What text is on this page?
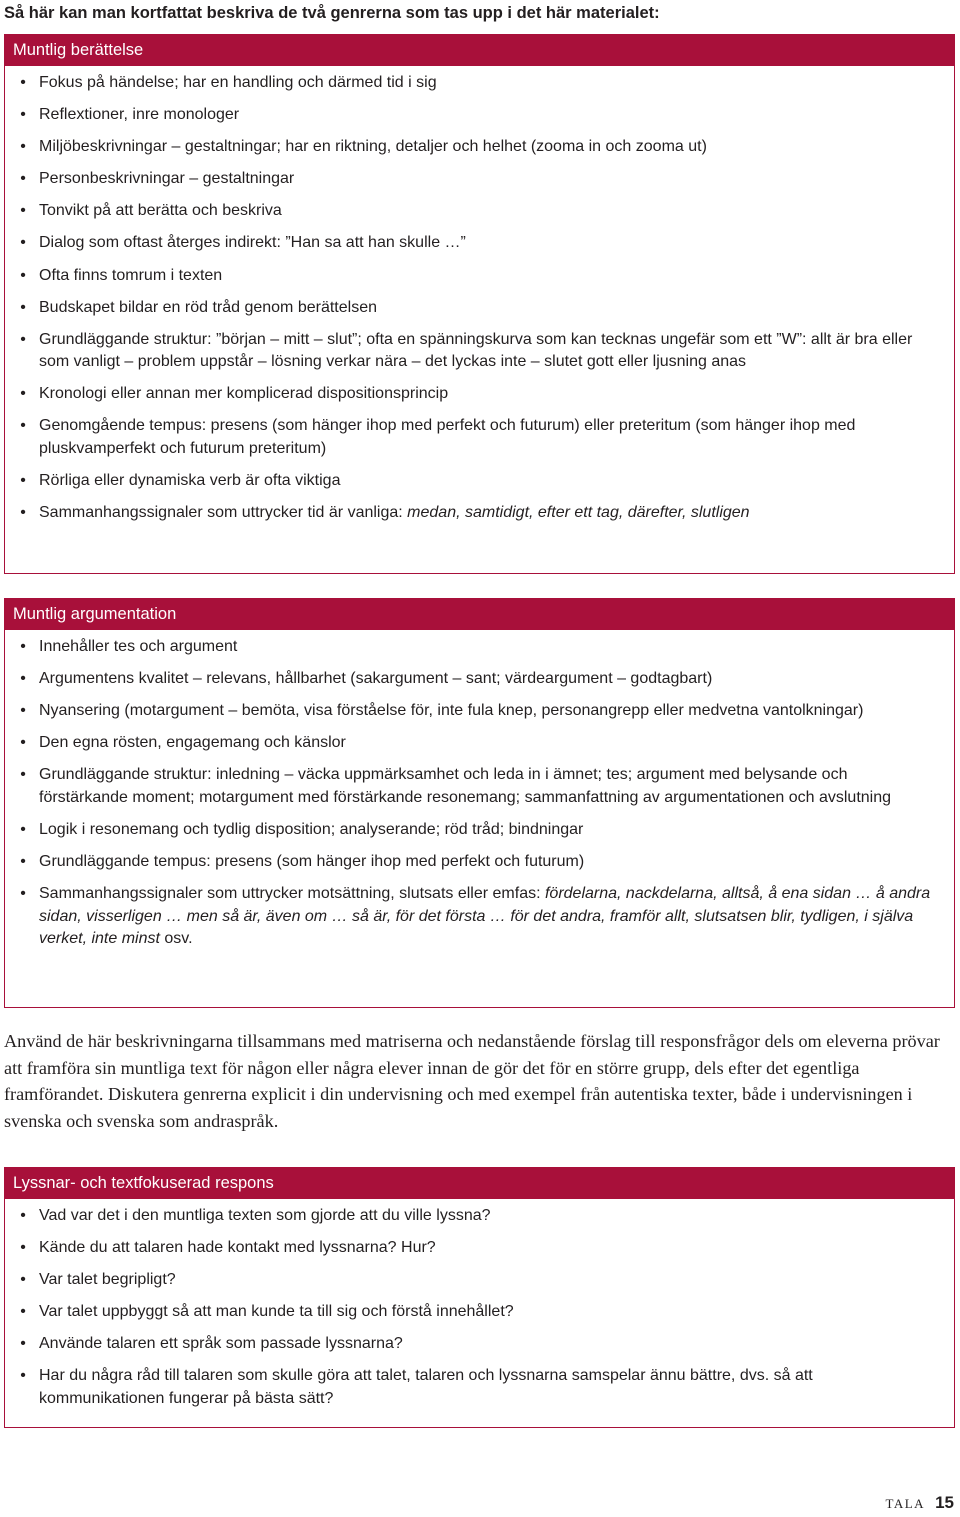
Så här kan man kortfattat beskriva de två genrerna som tas upp i det här materialet:
Muntlig berättelse
• Fokus på händelse; har en handling och därmed tid i sig
• Reflextioner, inre monologer
• Miljöbeskrivningar – gestaltningar; har en riktning, detaljer och helhet (zooma in och zooma ut)
• Personbeskrivningar – gestaltningar
• Tonvikt på att berätta och beskriva
• Dialog som oftast återges indirekt: ”Han sa att han skulle …”
• Ofta finns tomrum i texten
• Budskapet bildar en röd tråd genom berättelsen
• Grundläggande struktur: ”början – mitt – slut”; ofta en spänningskurva som kan tecknas ungefär som ett ”W”: allt är bra eller som vanligt – problem uppstår – lösning verkar nära – det lyckas inte – slutet gott eller ljusning anas
• Kronologi eller annan mer komplicerad dispositionsprincip
• Genomgående tempus: presens (som hänger ihop med perfekt och futurum) eller preteritum (som hänger ihop med pluskvamperfekt och futurum preteritum)
• Rörliga eller dynamiska verb är ofta viktiga
• Sammanhangssignaler som uttrycker tid är vanliga: medan, samtidigt, efter ett tag, därefter, slutligen
Muntlig argumentation
• Innehåller tes och argument
• Argumentens kvalitet – relevans, hållbarhet (sakargument – sant; värdeargument – godtagbart)
• Nyansering (motargument – bemöta, visa förståelse för, inte fula knep, personangrepp eller medvetna vantolkningar)
• Den egna rösten, engagemang och känslor
• Grundläggande struktur: inledning – väcka uppmärksamhet och leda in i ämnet; tes; argument med belysande och förstärkande moment; motargument med förstärkande resonemang; sammanfattning av argumentationen och avslutning
• Logik i resonemang och tydlig disposition; analyserande; röd tråd; bindningar
• Grundläggande tempus: presens (som hänger ihop med perfekt och futurum)
• Sammanhangssignaler som uttrycker motsättning, slutsats eller emfas: fördelarna, nackdelarna, alltså, å ena sidan … å andra sidan, visserligen … men så är, även om … så är, för det första … för det andra, framför allt, slutsatsen blir, tydligen, i själva verket, inte minst osv.

Använd de här beskrivningarna tillsammans med matriserna och nedanstående förslag till responsfrågor dels om eleverna prövar att framföra sin muntliga text för någon eller några elever innan de gör det för en större grupp, dels efter det egentliga framförandet. Diskutera genrerna explicit i din undervisning och med exempel från autentiska texter, både i undervisningen i svenska och svenska som andraspråk.

Lyssnar- och textfokuserad respons
• Vad var det i den muntliga texten som gjorde att du ville lyssna?
• Kände du att talaren hade kontakt med lyssnarna? Hur?
• Var talet begripligt?
• Var talet uppbyggt så att man kunde ta till sig och förstå innehållet?
• Använde talaren ett språk som passade lyssnarna?
• Har du några råd till talaren som skulle göra att talet, talaren och lyssnarna samspelar ännu bättre, dvs. så att kommunikationen fungerar på bästa sätt?
TALA 15
